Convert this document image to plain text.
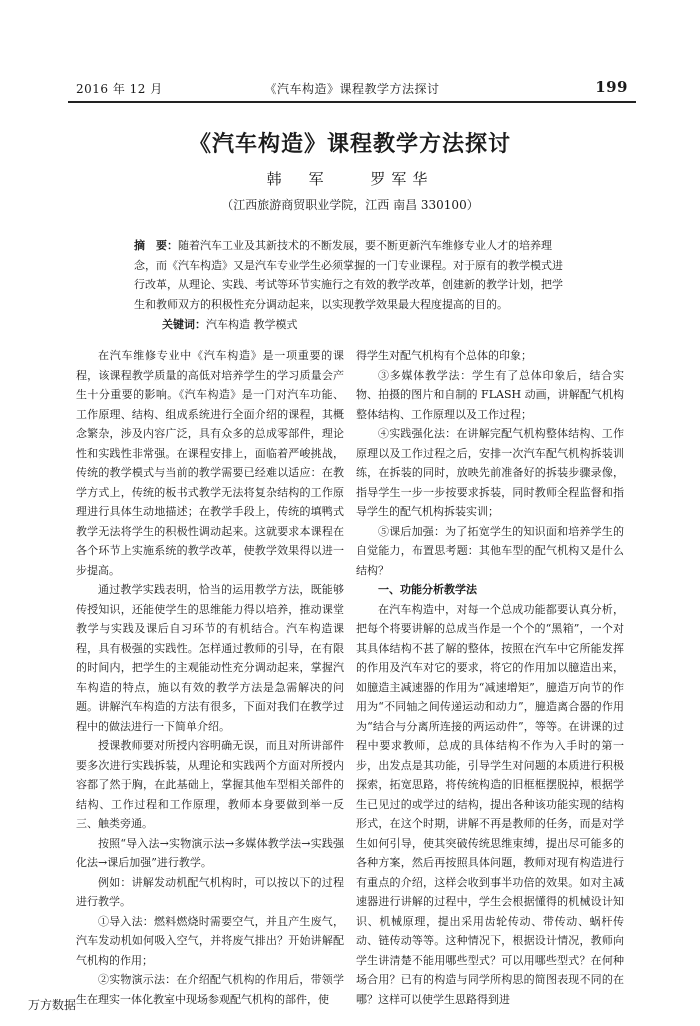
2016 年 12 月	《汽车构造》课程教学方法探讨	199
《汽车构造》课程教学方法探讨
韩　军	罗军华
（江西旅游商贸职业学院，江西 南昌 330100）

摘　要：随着汽车工业及其新技术的不断发展，要不断更新汽车维修专业人才的培养理念，而《汽车构造》又是汽车专业学生必须掌握的一门专业课程。对于原有的教学模式进行改革，从理论、实践、考试等环节实施行之有效的教学改革，创建新的教学计划，把学生和教师双方的积极性充分调动起来，以实现教学效果最大程度提高的目的。

关键词：汽车构造 教学模式

在汽车维修专业中《汽车构造》是一项重要的课程，该课程教学质量的高低对培养学生的学习质量会产生十分重要的影响。《汽车构造》是一门对汽车功能、工作原理、结构、组成系统进行全面介绍的课程，其概念繁杂，涉及内容广泛，具有众多的总成零部件，理论性和实践性非常强。在课程安排上，面临着严峻挑战，传统的教学模式与当前的教学需要已经难以适应：在教学方式上，传统的板书式教学无法将复杂结构的工作原理进行具体生动地描述；在教学手段上，传统的填鸭式教学无法将学生的积极性调动起来。这就要求本课程在各个环节上实施系统的教学改革，使教学效果得以进一步提高。

通过教学实践表明，恰当的运用教学方法，既能够传授知识，还能使学生的思维能力得以培养，推动课堂教学与实践及课后自习环节的有机结合。汽车构造课程，具有极强的实践性。怎样通过教师的引导，在有限的时间内，把学生的主观能动性充分调动起来，掌握汽车构造的特点，施以有效的教学方法是急需解决的问题。讲解汽车构造的方法有很多，下面对我们在教学过程中的做法进行一下简单介绍。

授课教师要对所授内容明确无误，而且对所讲部件要多次进行实践拆装，从理论和实践两个方面对所授内容都了然于胸，在此基础上，掌握其他车型相关部件的结构、工作过程和工作原理，教师本身要做到举一反三、触类旁通。

按照“导入法→实物演示法→多媒体教学法→实践强化法→课后加强”进行教学。

例如：讲解发动机配气机构时，可以按以下的过程进行教学。

①导入法：燃料燃烧时需要空气，并且产生废气，汽车发动机如何吸入空气，并将废气排出？开始讲解配气机构的作用；

②实物演示法：在介绍配气机构的作用后，带领学生在理实一体化教室中现场参观配气机构的部件，使

得学生对配气机构有个总体的印象；

③多媒体教学法：学生有了总体印象后，结合实物、拍摄的图片和自制的 FLASH 动画，讲解配气机构整体结构、工作原理以及工作过程；

④实践强化法：在讲解完配气机构整体结构、工作原理以及工作过程之后，安排一次汽车配气机构拆装训练，在拆装的同时，放映先前准备好的拆装步骤录像，指导学生一步一步按要求拆装，同时教师全程监督和指导学生的配气机构拆装实训；

⑤课后加强：为了拓宽学生的知识面和培养学生的自觉能力，布置思考题：其他车型的配气机构又是什么结构？

一、功能分析教学法

在汽车构造中，对每一个总成功能都要认真分析，把每个将要讲解的总成当作是一个个的“黑箱”，一个对其具体结构不甚了解的整体，按照在汽车中它所能发挥的作用及汽车对它的要求，将它的作用加以臆造出来，如臆造主减速器的作用为“减速增矩”，臆造万向节的作用为“不同轴之间传递运动和动力”，臆造离合器的作用为“结合与分离所连接的两运动件”，等等。在讲课的过程中要求教师，总成的具体结构不作为入手时的第一步，出发点是其功能，引导学生对问题的本质进行积极探索，拓宽思路，将传统构造的旧框框摆脱掉，根据学生已见过的或学过的结构，提出各种该功能实现的结构形式，在这个时期，讲解不再是教师的任务，而是对学生如何引导，使其突破传统思维束缚，提出尽可能多的各种方案，然后再按照具体问题，教师对现有构造进行有重点的介绍，这样会收到事半功倍的效果。如对主减速器进行讲解的过程中，学生会根据懂得的机械设计知识、机械原理，提出采用齿轮传动、带传动、蜗杆传动、链传动等等。这种情况下，根据设计情况，教师向学生讲清楚不能用哪些型式？可以用哪些型式？在何种场合用？已有的构造与同学所构思的简图表现不同的在哪？这样可以使学生思路得到进

万方数据
